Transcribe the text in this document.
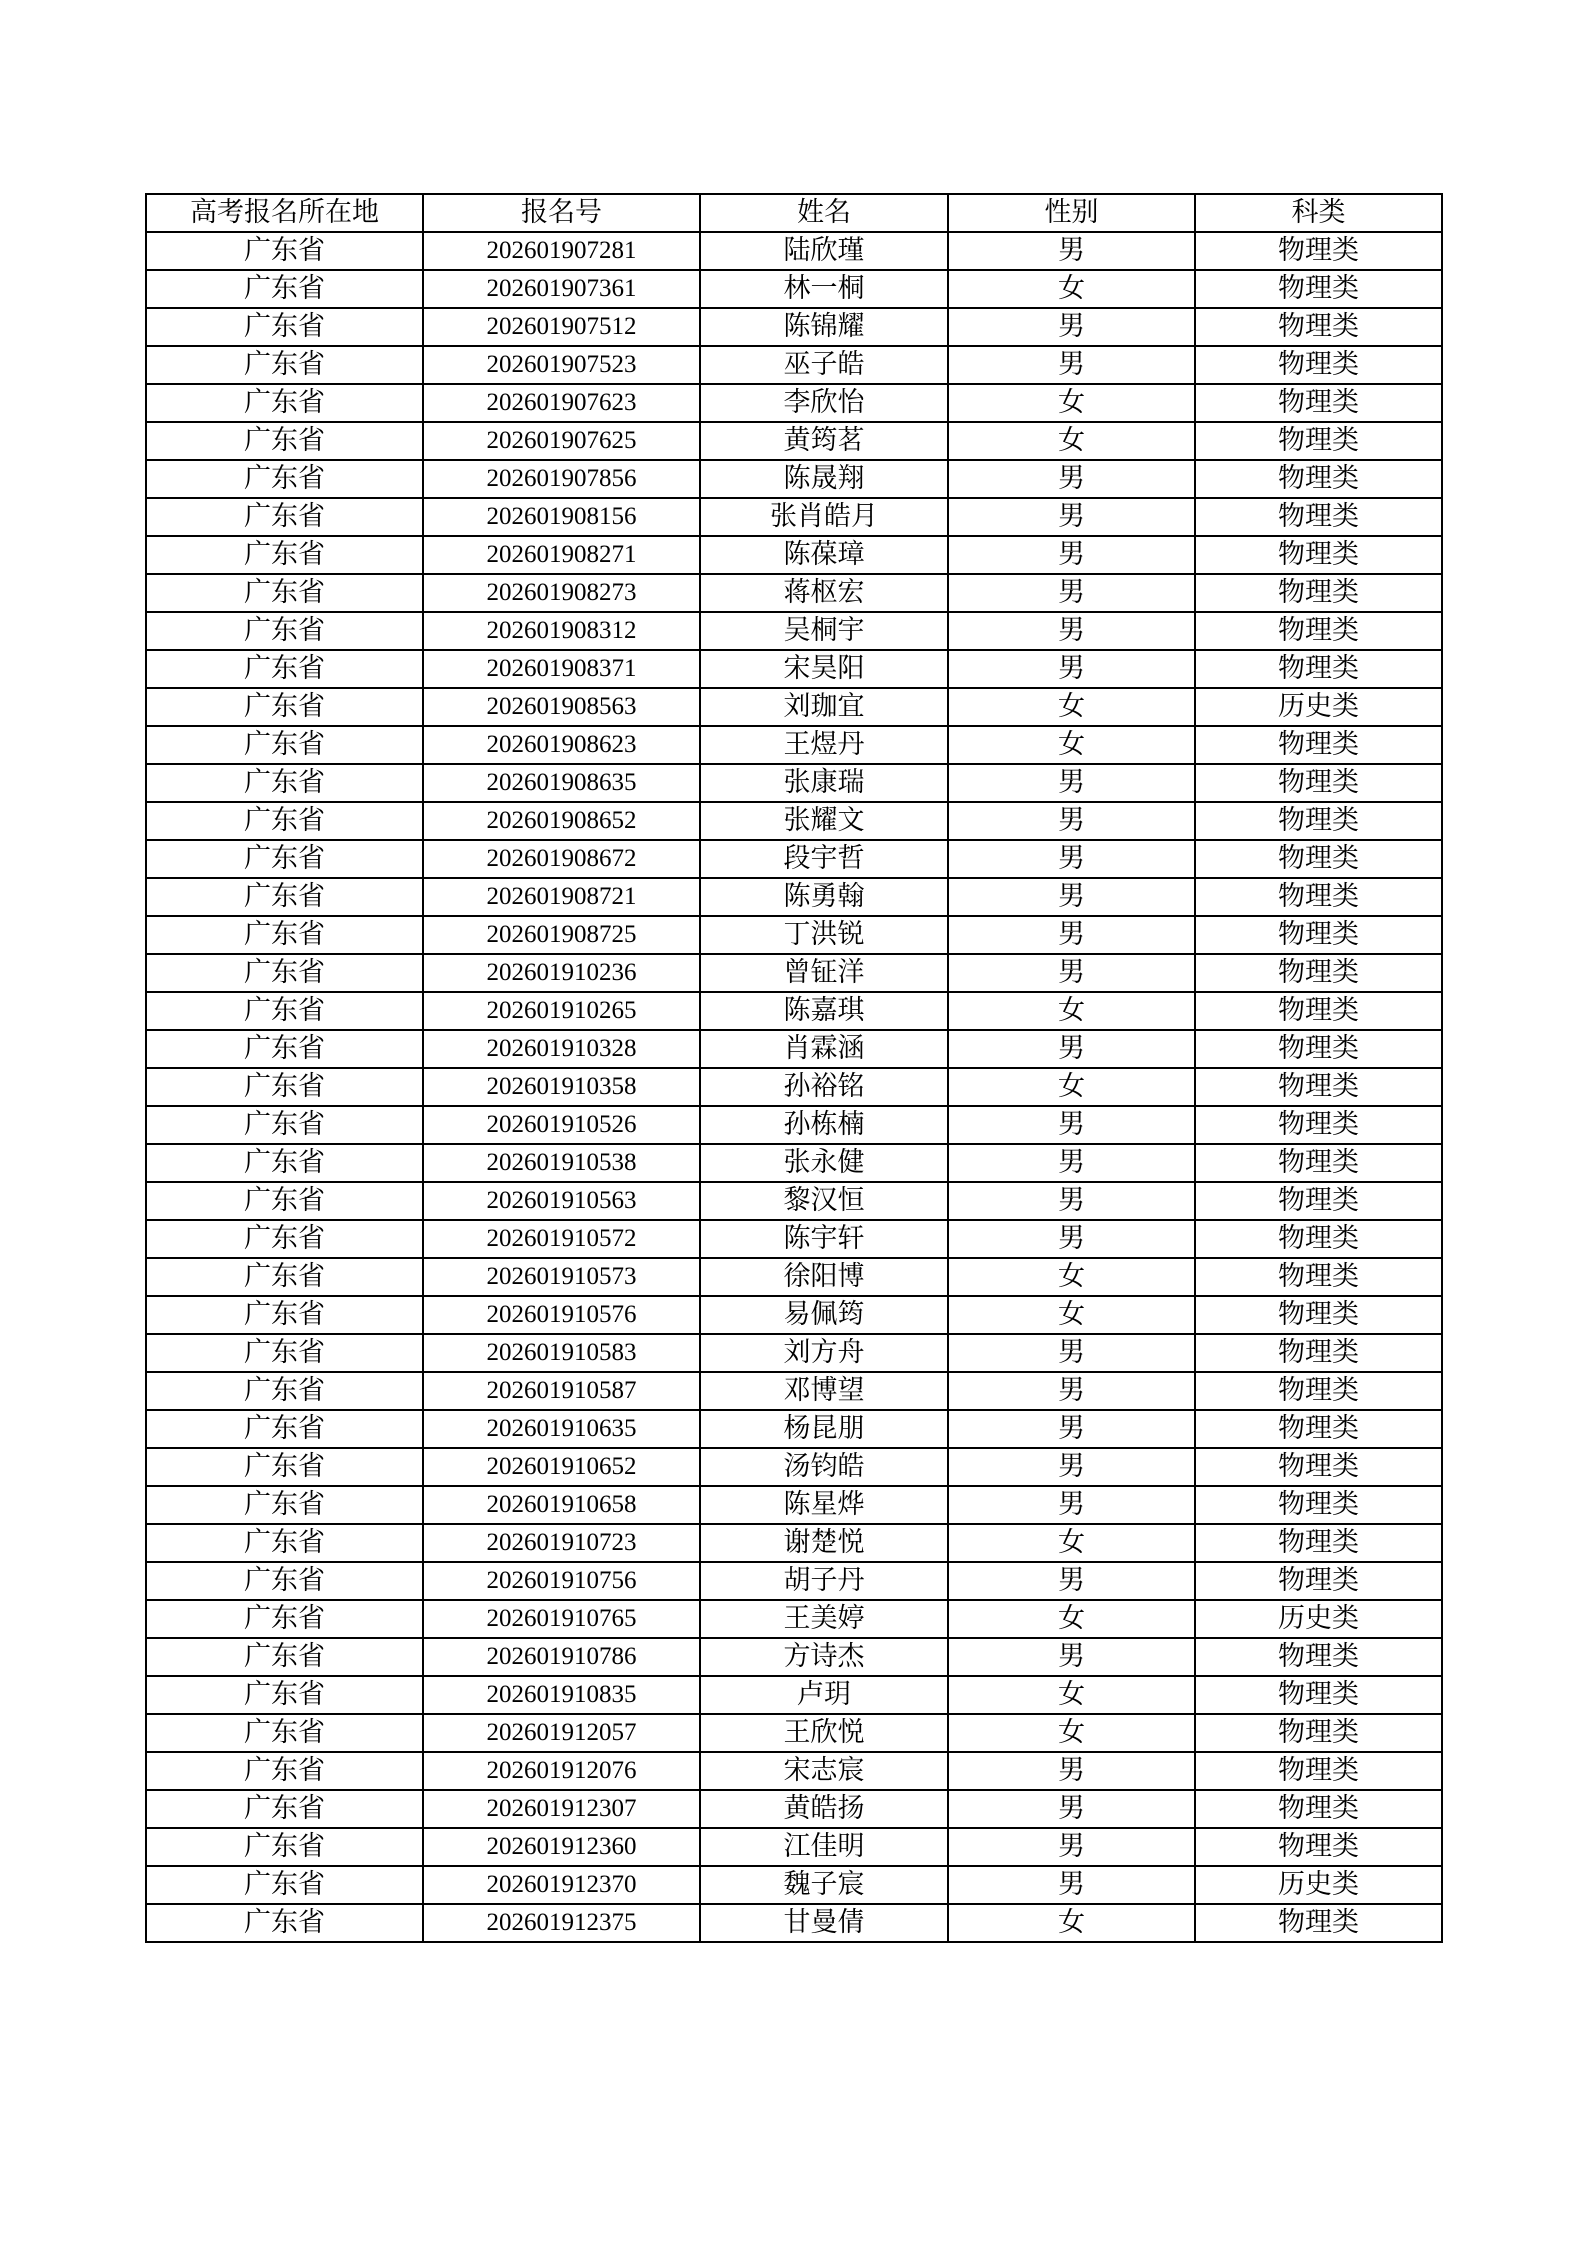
高考报名所在地	报名号	姓名	性别	科类
广东省	202601907281	陆欣瑾	男	物理类
广东省	202601907361	林一桐	女	物理类
广东省	202601907512	陈锦耀	男	物理类
广东省	202601907523	巫子皓	男	物理类
广东省	202601907623	李欣怡	女	物理类
广东省	202601907625	黄筠茗	女	物理类
广东省	202601907856	陈晟翔	男	物理类
广东省	202601908156	张肖皓月	男	物理类
广东省	202601908271	陈葆璋	男	物理类
广东省	202601908273	蒋枢宏	男	物理类
广东省	202601908312	吴桐宇	男	物理类
广东省	202601908371	宋昊阳	男	物理类
广东省	202601908563	刘珈宜	女	历史类
广东省	202601908623	王煜丹	女	物理类
广东省	202601908635	张康瑞	男	物理类
广东省	202601908652	张耀文	男	物理类
广东省	202601908672	段宇哲	男	物理类
广东省	202601908721	陈勇翰	男	物理类
广东省	202601908725	丁洪锐	男	物理类
广东省	202601910236	曾钲洋	男	物理类
广东省	202601910265	陈嘉琪	女	物理类
广东省	202601910328	肖霖涵	男	物理类
广东省	202601910358	孙裕铭	女	物理类
广东省	202601910526	孙栋楠	男	物理类
广东省	202601910538	张永健	男	物理类
广东省	202601910563	黎汉恒	男	物理类
广东省	202601910572	陈宇轩	男	物理类
广东省	202601910573	徐阳博	女	物理类
广东省	202601910576	易佩筠	女	物理类
广东省	202601910583	刘方舟	男	物理类
广东省	202601910587	邓博望	男	物理类
广东省	202601910635	杨昆朋	男	物理类
广东省	202601910652	汤钧皓	男	物理类
广东省	202601910658	陈星烨	男	物理类
广东省	202601910723	谢楚悦	女	物理类
广东省	202601910756	胡子丹	男	物理类
广东省	202601910765	王美婷	女	历史类
广东省	202601910786	方诗杰	男	物理类
广东省	202601910835	卢玥	女	物理类
广东省	202601912057	王欣悦	女	物理类
广东省	202601912076	宋志宸	男	物理类
广东省	202601912307	黄皓扬	男	物理类
广东省	202601912360	江佳明	男	物理类
广东省	202601912370	魏子宸	男	历史类
广东省	202601912375	甘曼倩	女	物理类
